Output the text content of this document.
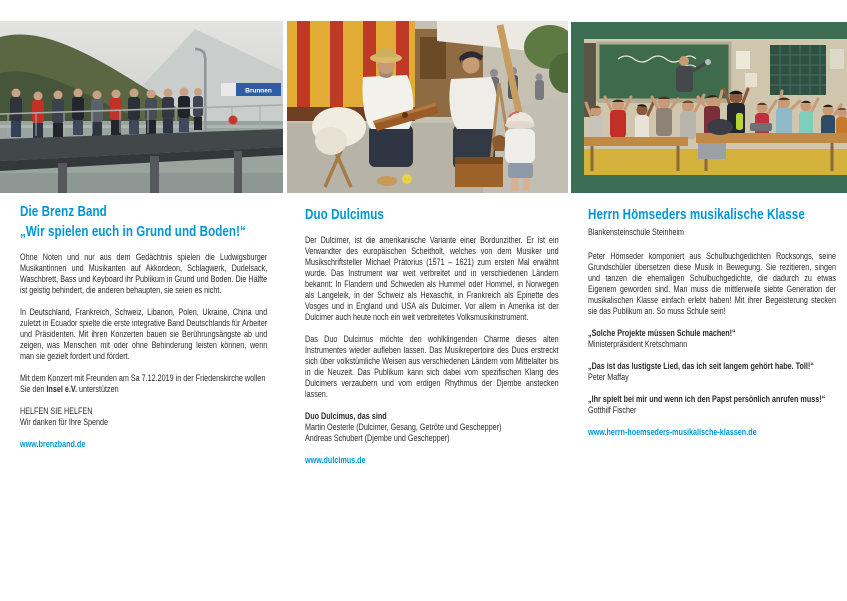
Brunnen
Die Brenz Band
„Wir spielen euch in Grund und Boden!“

Ohne Noten und nur aus dem Gedächtnis spielen die Ludwigsburger Musikantinnen und Musikanten auf Akkordeon, Schlagwerk, Dudelsack, Waschbrett, Bass und Keyboard ihr Publikum in Grund und Boden. Die Hälfte ist geistig behindert, die anderen behaupten, sie seien es nicht.

In Deutschland, Frankreich, Schweiz, Libanon, Polen, Ukraine, China und zuletzt in Ecuador spielte die erste integrative Band Deutschlands für Arbeiter und Präsidenten. Mit ihren Konzerten bauen sie Berührungsängste ab und zeigen, was Menschen mit oder ohne Behinderung leisten können, wenn man sie gezielt fordert und fördert.

Mit dem Konzert mit Freunden am Sa 7.12.2019 in der Friedenskirche wollen Sie den Insel e.V. unterstützen

HELFEN SIE HELFEN
Wir danken für Ihre Spende

www.brenzband.de

Duo Dulcimus

Der Dulcimer, ist die amerikanische Variante einer Bordunzither. Er ist ein Verwandter des europäischen Scheitholt, welches von dem Musiker und Musikschriftsteller Michael Prätorius (1571 – 1621) zum ersten Mal erwähnt wurde. Das Instrument war weit verbreitet und in verschiedenen Ländern bekannt: In Flandern und Schweden als Hummel oder Hommel, in Norwegen als Langeleik, in der Schweiz als Hexaschit, in Frankreich als Epinette des Vosges und in England und USA als Dulcimer. Vor allem in Amerika ist der Dulcimer auch heute noch ein weit verbreitetes Volksmusikinstrument.

Das Duo Dulcimus möchte den wohlklingenden Charme dieses alten Instrumentes wieder aufleben lassen. Das Musikrepertoire des Duos erstreckt sich über volkstümliche Weisen aus verschiedenen Ländern vom Mittelalter bis in die Neuzeit. Das Publikum kann sich dabei vom spezifischen Klang des Dulcimers verzaubern und vom erdigen Rhythmus der Djembe anstecken lassen.

Duo Dulcimus, das sind
Martin Oesterle (Dulcimer, Gesang, Getröte und Geschepper)
Andreas Schubert (Djembe und Geschepper)

www.dulcimus.de

Herrn Hömseders musikalische Klasse
Blankensteinschule Steinheim

Peter Hömseder komponiert aus Schulbuchgedichten Rocksongs, seine Grundschüler übersetzen diese Musik in Bewegung. Sie rezitieren, singen und tanzen die ehemaligen Schulbuchgedichte, die dadurch zu etwas Eigenem geworden sind. Man muss die mittlerweile siebte Generation der musikalischen Klasse einfach erlebt haben! Mit ihrer Begeisterung stecken sie das Publikum an. So muss Schule sein!

„Solche Projekte müssen Schule machen!“
Ministerpräsident Kretschmann
„Das ist das lustigste Lied, das ich seit langem gehört habe. Toll!“
Peter Maffay
„Ihr spielt bei mir und wenn ich den Papst persönlich anrufen muss!“
Gotthilf Fischer

www.herrn-hoemseders-musikalische-klassen.de
